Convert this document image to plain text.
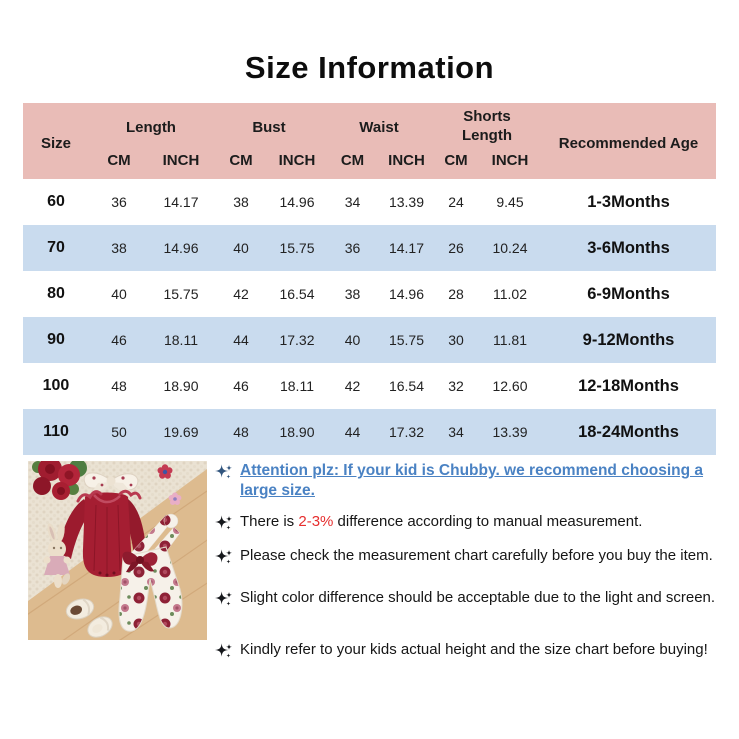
Size Information
Size	Length		Bust		Waist		Shorts Length		Recommended Age
	CM	INCH	CM	INCH	CM	INCH	CM	INCH	
60	36	14.17	38	14.96	34	13.39	24	9.45	1-3Months
70	38	14.96	40	15.75	36	14.17	26	10.24	3-6Months
80	40	15.75	42	16.54	38	14.96	28	11.02	6-9Months
90	46	18.11	44	17.32	40	15.75	30	11.81	9-12Months
100	48	18.90	46	18.11	42	16.54	32	12.60	12-18Months
110	50	19.69	48	18.90	44	17.32	34	13.39	18-24Months
Attention plz: If your kid is Chubby. we recommend choosing a large size.
There is 2-3% difference according to manual measurement.
Please check the measurement chart carefully before you buy the item.
Slight color difference should be acceptable due to the light and screen.
Kindly refer to your kids actual height and the size chart before buying!
